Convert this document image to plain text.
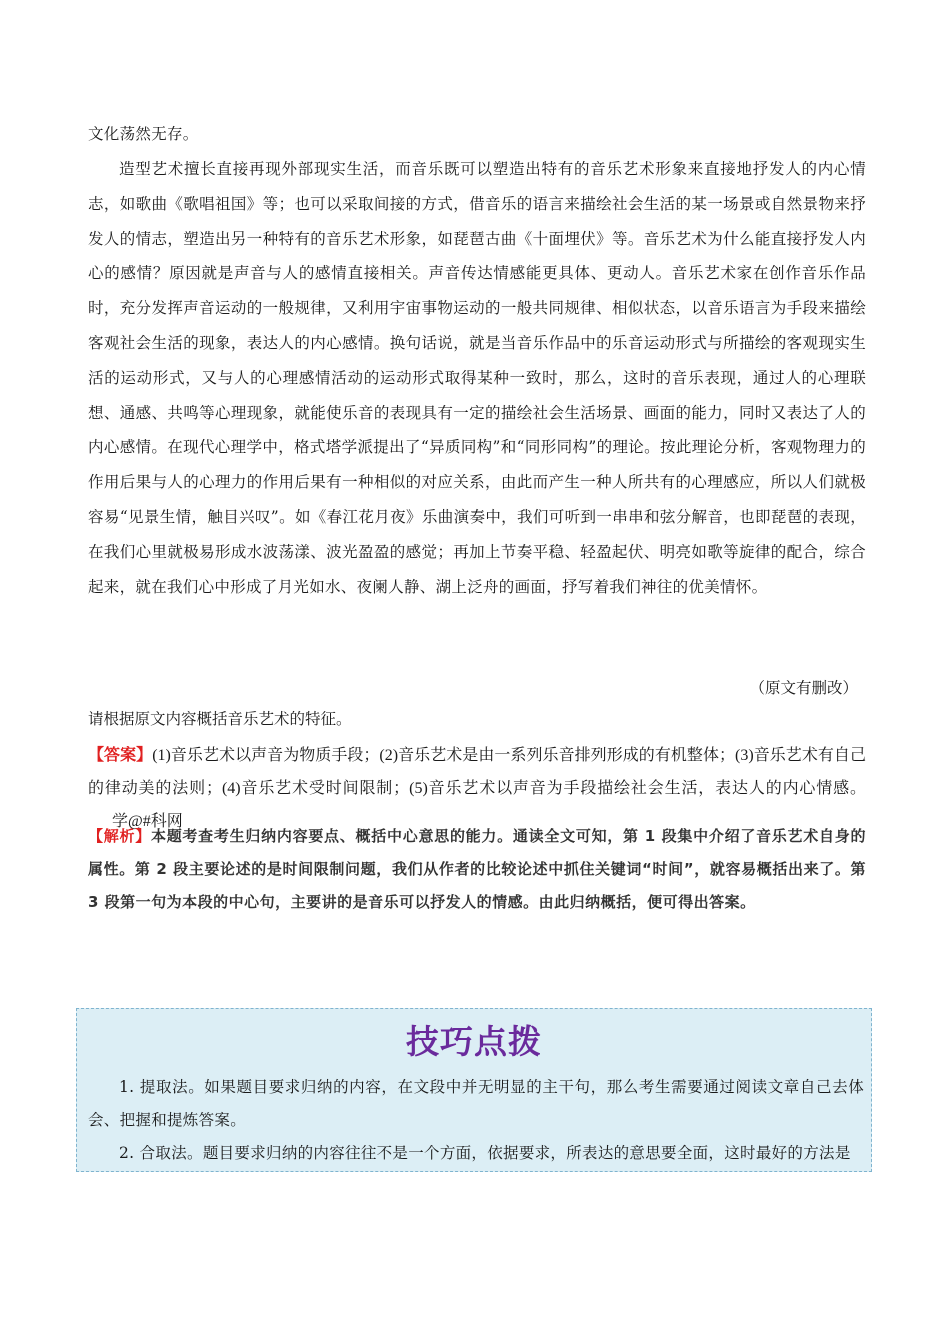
文化荡然无存。

造型艺术擅长直接再现外部现实生活，而音乐既可以塑造出特有的音乐艺术形象来直接地抒发人的内心情志，如歌曲《歌唱祖国》等；也可以采取间接的方式，借音乐的语言来描绘社会生活的某一场景或自然景物来抒发人的情志，塑造出另一种特有的音乐艺术形象，如琵琶古曲《十面埋伏》等。音乐艺术为什么能直接抒发人内心的感情？原因就是声音与人的感情直接相关。声音传达情感能更具体、更动人。音乐艺术家在创作音乐作品时，充分发挥声音运动的一般规律，又利用宇宙事物运动的一般共同规律、相似状态，以音乐语言为手段来描绘客观社会生活的现象，表达人的内心感情。换句话说，就是当音乐作品中的乐音运动形式与所描绘的客观现实生活的运动形式，又与人的心理感情活动的运动形式取得某种一致时，那么，这时的音乐表现，通过人的心理联想、通感、共鸣等心理现象，就能使乐音的表现具有一定的描绘社会生活场景、画面的能力，同时又表达了人的内心感情。在现代心理学中，格式塔学派提出了“异质同构”和“同形同构”的理论。按此理论分析，客观物理力的作用后果与人的心理力的作用后果有一种相似的对应关系，由此而产生一种人所共有的心理感应，所以人们就极容易“见景生情，触目兴叹”。如《春江花月夜》乐曲演奏中，我们可听到一串串和弦分解音，也即琵琶的表现，在我们心里就极易形成水波荡漾、波光盈盈的感觉；再加上节奏平稳、轻盈起伏、明亮如歌等旋律的配合，综合起来，就在我们心中形成了月光如水、夜阑人静、湖上泛舟的画面，抒写着我们神往的优美情怀。

（原文有删改）
请根据原文内容概括音乐艺术的特征。
【答案】(1)音乐艺术以声音为物质手段；(2)音乐艺术是由一系列乐音排列形成的有机整体；(3)音乐艺术有自己的律动美的法则；(4)音乐艺术受时间限制；(5)音乐艺术以声音为手段描绘社会生活，表达人的内心情感。学@#科网
【解析】本题考查考生归纳内容要点、概括中心意思的能力。通读全文可知，第 1 段集中介绍了音乐艺术自身的属性。第 2 段主要论述的是时间限制问题，我们从作者的比较论述中抓住关键词“时间”，就容易概括出来了。第 3 段第一句为本段的中心句，主要讲的是音乐可以抒发人的情感。由此归纳概括，便可得出答案。
技巧点拨

1. 提取法。如果题目要求归纳的内容，在文段中并无明显的主干句，那么考生需要通过阅读文章自己去体会、把握和提炼答案。

2. 合取法。题目要求归纳的内容往往不是一个方面，依据要求，所表达的意思要全面，这时最好的方法是
